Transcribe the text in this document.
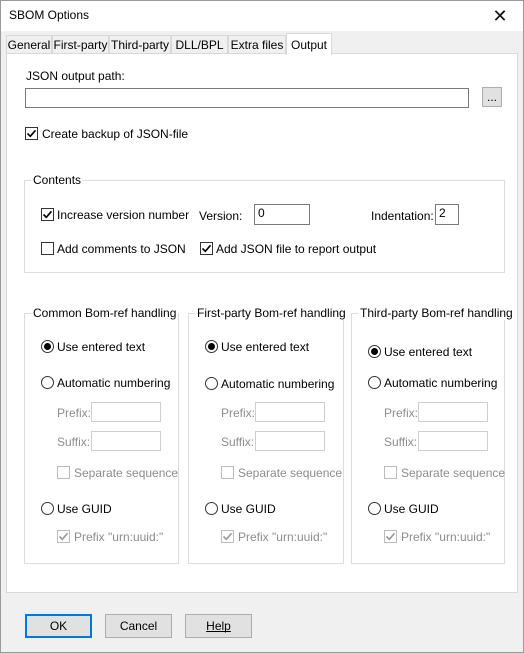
SBOM Options	✕
General First-party Third-party DLL/BPL Extra files Output
JSON output path:
...
Create backup of JSON-file
Contents
Increase version number Version:	0	Indentation: 2
Add comments to JSON	Add JSON file to report output
Common Bom-ref handling
Use entered text
Automatic numbering
Prefix:
Suffix:
Separate sequence
Use GUID
Prefix "urn:uuid:"
First-party Bom-ref handling
Use entered text
Automatic numbering
Prefix:
Suffix:
Separate sequence
Use GUID
Prefix "urn:uuid:"
Third-party Bom-ref handling
Use entered text
Automatic numbering
Prefix:
Suffix:
Separate sequence
Use GUID
Prefix "urn:uuid:"
OK	Cancel	Help
